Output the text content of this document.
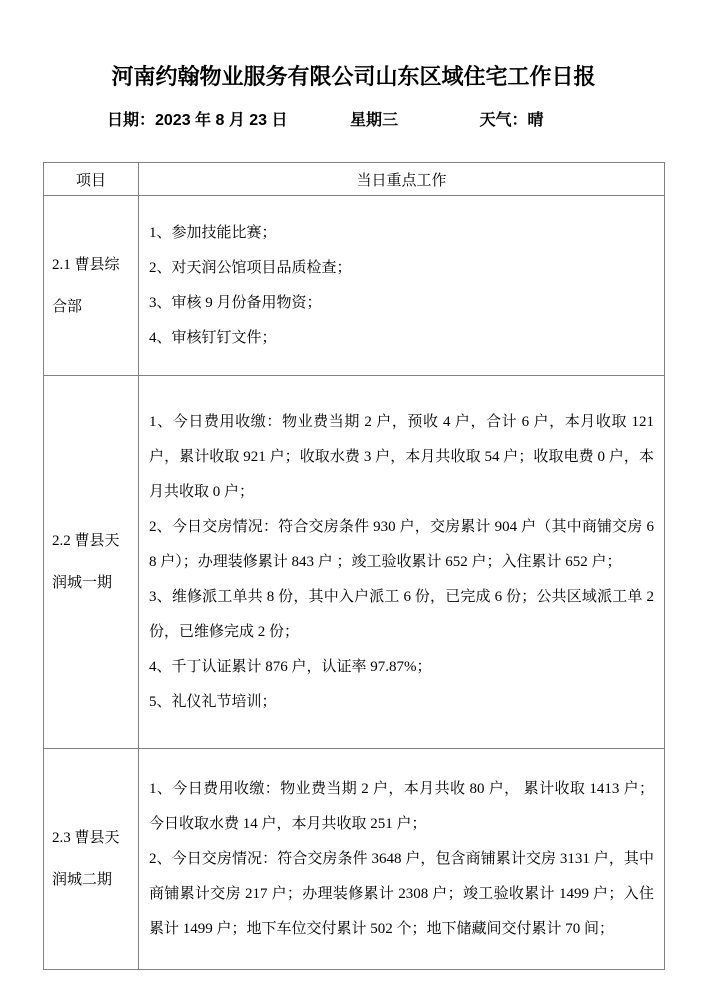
河南约翰物业服务有限公司山东区域住宅工作日报
日期：2023 年 8 月 23 日	星期三	天气：晴
项目	当日重点工作
2.1 曹县综合部	1、参加技能比赛；

2、对天润公馆项目品质检查；

3、审核 9 月份备用物资；

4、审核钉钉文件；

2.2 曹县天润城一期	1、今日费用收缴：物业费当期 2 户，预收 4 户，合计 6 户，本月收取 121 户，累计收取 921 户；收取水费 3 户，本月共收取 54 户；收取电费 0 户，本月共收取 0 户；

2、今日交房情况：符合交房条件 930 户，交房累计 904 户（其中商铺交房 68 户）；办理装修累计 843 户 ；竣工验收累计 652 户；入住累计 652 户；

3、维修派工单共 8 份，其中入户派工 6 份，已完成 6 份；公共区域派工单 2 份，已维修完成 2 份；

4、千丁认证累计 876 户，认证率 97.87%；

5、礼仪礼节培训；

2.3 曹县天润城二期	1、今日费用收缴：物业费当期 2 户，本月共收 80 户， 累计收取 1413 户；今日收取水费 14 户，本月共收取 251 户；

2、今日交房情况：符合交房条件 3648 户，包含商铺累计交房 3131 户，其中商铺累计交房 217 户；办理装修累计 2308 户；竣工验收累计 1499 户；入住累计 1499 户；地下车位交付累计 502 个；地下储藏间交付累计 70 间；
